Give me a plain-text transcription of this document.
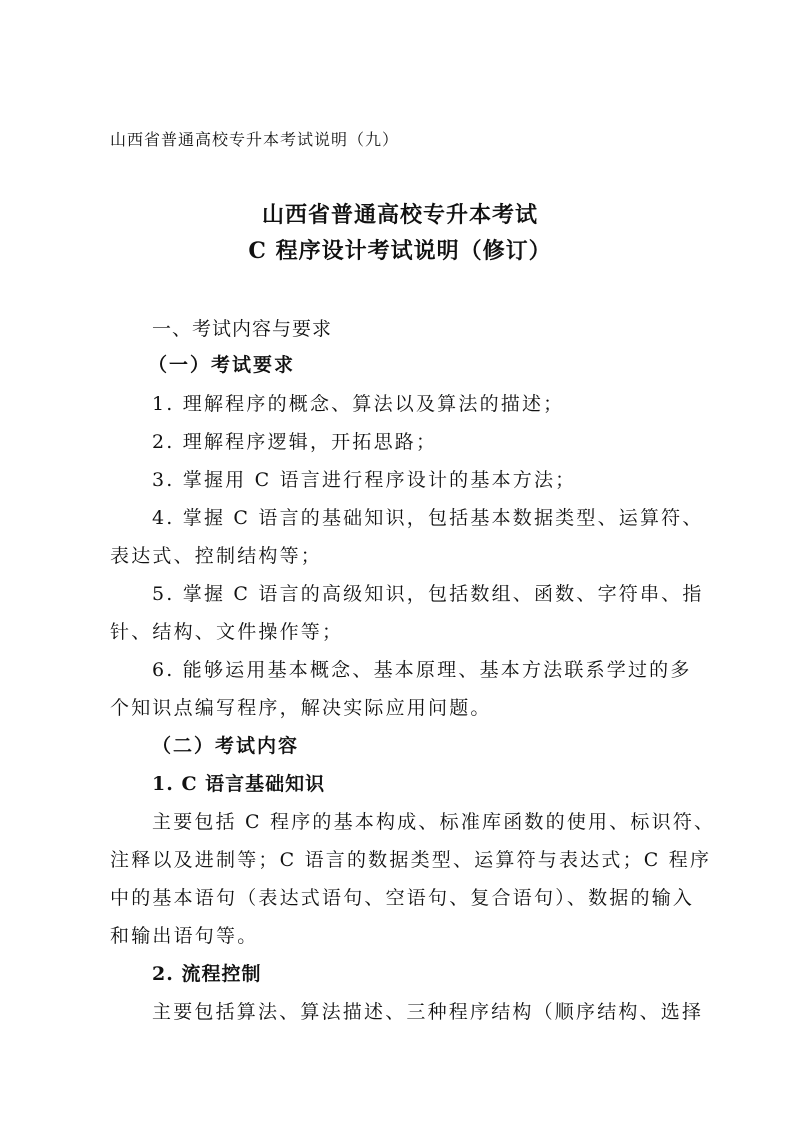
山西省普通高校专升本考试说明（九）

山西省普通高校专升本考试
C 程序设计考试说明（修订）

一、考试内容与要求

（一）考试要求

1. 理解程序的概念、算法以及算法的描述；

2. 理解程序逻辑，开拓思路；

3. 掌握用 C 语言进行程序设计的基本方法；

4. 掌握 C 语言的基础知识，包括基本数据类型、运算符、

表达式、控制结构等；

5. 掌握 C 语言的高级知识，包括数组、函数、字符串、指

针、结构、文件操作等；

6. 能够运用基本概念、基本原理、基本方法联系学过的多

个知识点编写程序，解决实际应用问题。

（二）考试内容

1. C 语言基础知识

主要包括 C 程序的基本构成、标准库函数的使用、标识符、

注释以及进制等；C 语言的数据类型、运算符与表达式；C 程序

中的基本语句（表达式语句、空语句、复合语句）、数据的输入

和输出语句等。

2. 流程控制

主要包括算法、算法描述、三种程序结构（顺序结构、选择
